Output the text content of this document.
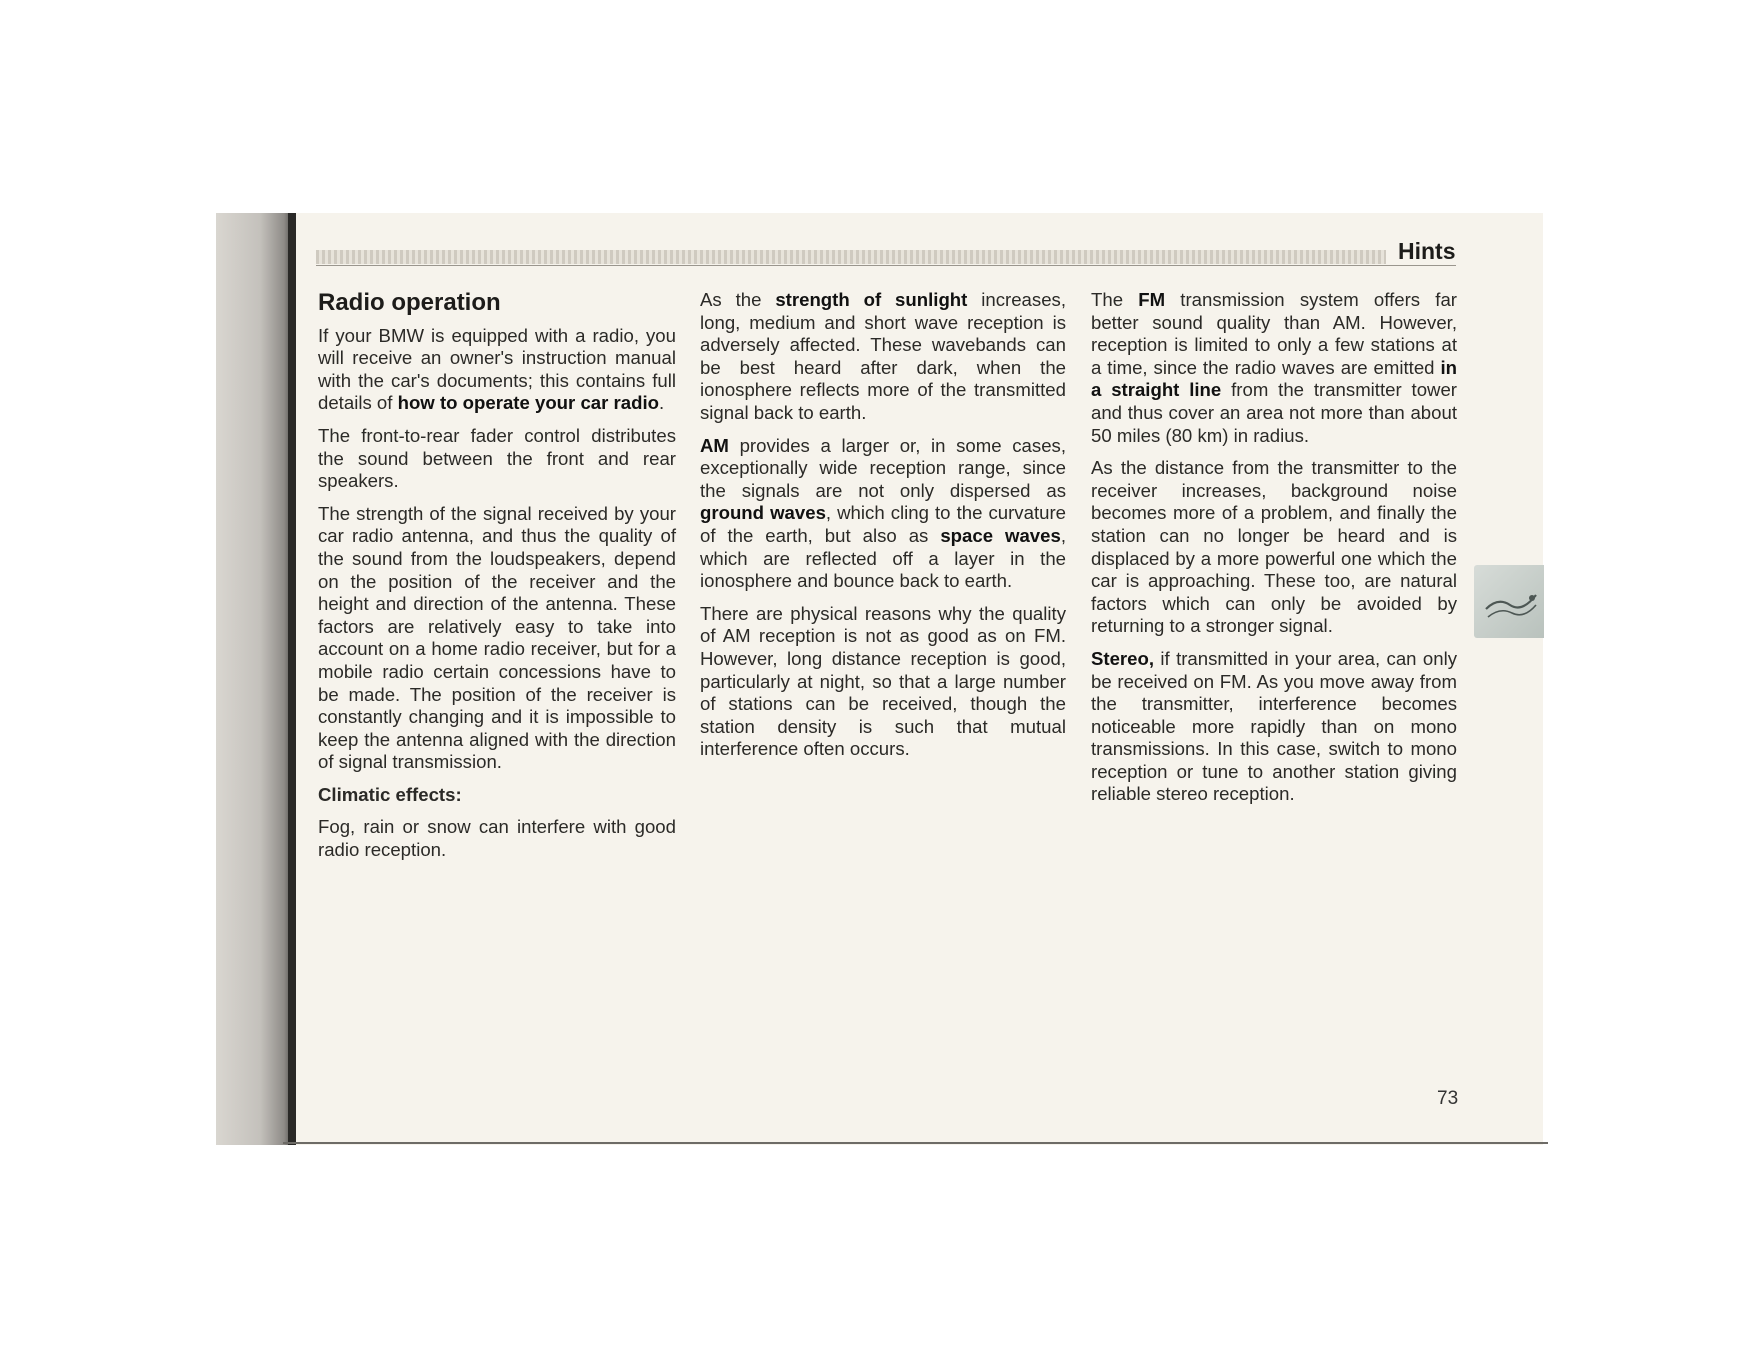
Hints
Radio operation

If your BMW is equipped with a radio, you will receive an owner's instruction manual with the car's documents; this contains full details of how to operate your car radio.

The front-to-rear fader control distributes the sound between the front and rear speakers.

The strength of the signal received by your car radio antenna, and thus the quality of the sound from the loudspeakers, depend on the position of the receiver and the height and direction of the antenna. These factors are relatively easy to take into account on a home radio receiver, but for a mobile radio certain concessions have to be made. The position of the receiver is constantly changing and it is impossible to keep the antenna aligned with the direction of signal transmission.

Climatic effects:

Fog, rain or snow can interfere with good radio reception.

As the strength of sunlight increases, long, medium and short wave reception is adversely affected. These wavebands can be best heard after dark, when the ionosphere reflects more of the transmitted signal back to earth.

AM provides a larger or, in some cases, exceptionally wide reception range, since the signals are not only dispersed as ground waves, which cling to the curvature of the earth, but also as space waves, which are reflected off a layer in the ionosphere and bounce back to earth.

There are physical reasons why the quality of AM reception is not as good as on FM. However, long distance reception is good, particularly at night, so that a large number of stations can be received, though the station density is such that mutual interference often occurs.

The FM transmission system offers far better sound quality than AM. However, reception is limited to only a few stations at a time, since the radio waves are emitted in a straight line from the transmitter tower and thus cover an area not more than about 50 miles (80 km) in radius.

As the distance from the transmitter to the receiver increases, background noise becomes more of a problem, and finally the station can no longer be heard and is displaced by a more powerful one which the car is approaching. These too, are natural factors which can only be avoided by returning to a stronger signal.

Stereo, if transmitted in your area, can only be received on FM. As you move away from the transmitter, interference becomes noticeable more rapidly than on mono transmissions. In this case, switch to mono reception or tune to another station giving reliable stereo reception.

73
